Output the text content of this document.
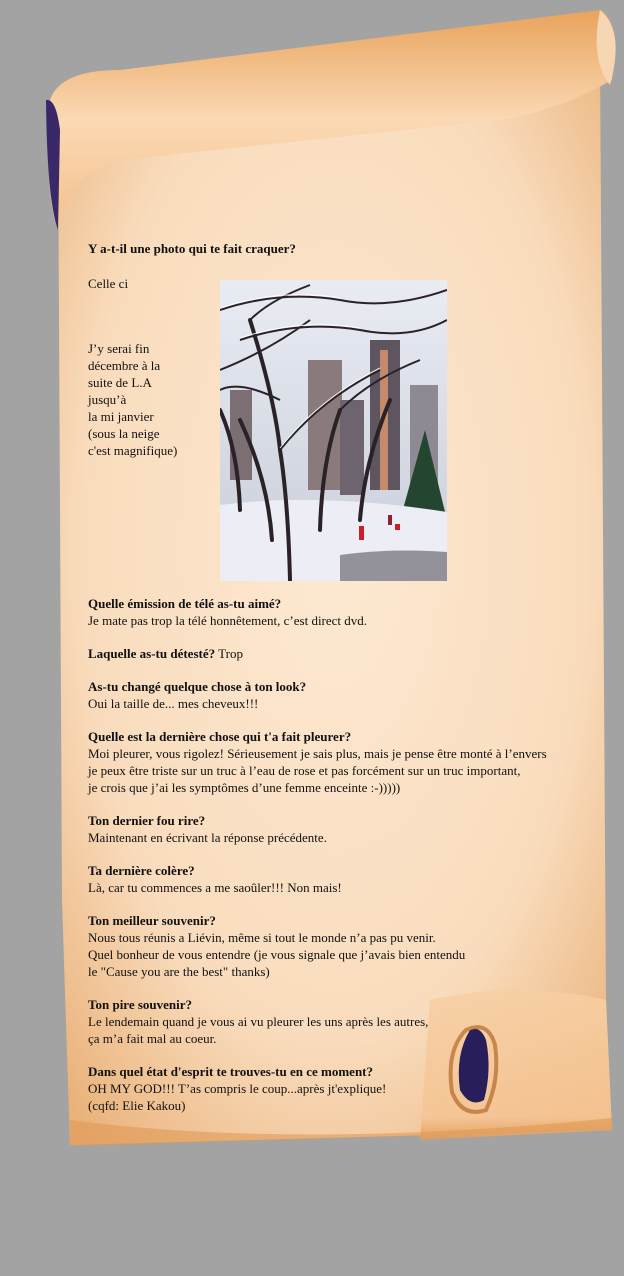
Y a-t-il une photo qui te fait craquer?
Celle ci
J’y serai fin
décembre à la
suite de L.A
jusqu’à
la mi janvier
(sous la neige
c'est magnifique)
Quelle émission de télé as-tu aimé?
Je mate pas trop la télé honnêtement, c’est direct dvd.
Laquelle as-tu détesté? Trop
As-tu changé quelque chose à ton look?
Oui la taille de... mes cheveux!!!
Quelle est la dernière chose qui t'a fait pleurer?
Moi pleurer, vous rigolez! Sérieusement je sais plus, mais je pense être monté à l’envers
je peux être triste sur un truc à l’eau de rose et pas forcément sur un truc important,
je crois que j’ai les symptômes d’une femme enceinte :-)))))
Ton dernier fou rire?
Maintenant en écrivant la réponse précédente.
Ta dernière colère?
Là, car tu commences a me saoûler!!! Non mais!
Ton meilleur souvenir?
Nous tous réunis a Liévin, même si tout le monde n’a pas pu venir.
Quel bonheur de vous entendre (je vous signale que j’avais bien entendu
le "Cause you are the best" thanks)
Ton pire souvenir?
Le lendemain quand je vous ai vu pleurer les uns après les autres,
ça m’a fait mal au coeur.
Dans quel état d'esprit te trouves-tu en ce moment?
OH MY GOD!!! T’as compris le coup...après jt'explique!
(cqfd: Elie Kakou)
